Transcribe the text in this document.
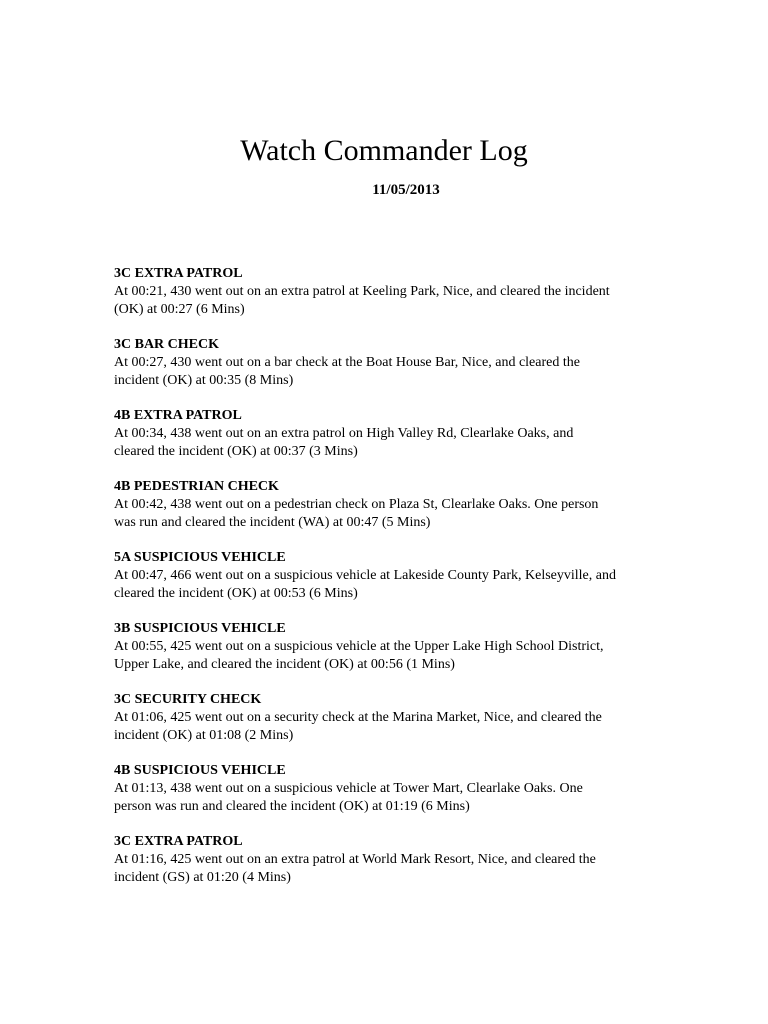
Watch Commander Log

11/05/2013

3C EXTRA PATROL
At 00:21, 430 went out on an extra patrol at Keeling Park, Nice, and cleared the incident
(OK) at 00:27 (6 Mins)
3C BAR CHECK
At 00:27, 430 went out on a bar check at the Boat House Bar, Nice, and cleared the
incident (OK) at 00:35 (8 Mins)
4B EXTRA PATROL
At 00:34, 438 went out on an extra patrol on High Valley Rd, Clearlake Oaks, and
cleared the incident (OK) at 00:37 (3 Mins)
4B PEDESTRIAN CHECK
At 00:42, 438 went out on a pedestrian check on Plaza St, Clearlake Oaks. One person
was run and cleared the incident (WA) at 00:47 (5 Mins)
5A SUSPICIOUS VEHICLE
At 00:47, 466 went out on a suspicious vehicle at Lakeside County Park, Kelseyville, and
cleared the incident (OK) at 00:53 (6 Mins)
3B SUSPICIOUS VEHICLE
At 00:55, 425 went out on a suspicious vehicle at the Upper Lake High School District,
Upper Lake, and cleared the incident (OK) at 00:56 (1 Mins)
3C SECURITY CHECK
At 01:06, 425 went out on a security check at the Marina Market, Nice, and cleared the
incident (OK) at 01:08 (2 Mins)
4B SUSPICIOUS VEHICLE
At 01:13, 438 went out on a suspicious vehicle at Tower Mart, Clearlake Oaks. One
person was run and cleared the incident (OK) at 01:19 (6 Mins)
3C EXTRA PATROL
At 01:16, 425 went out on an extra patrol at World Mark Resort, Nice, and cleared the
incident (GS) at 01:20 (4 Mins)
